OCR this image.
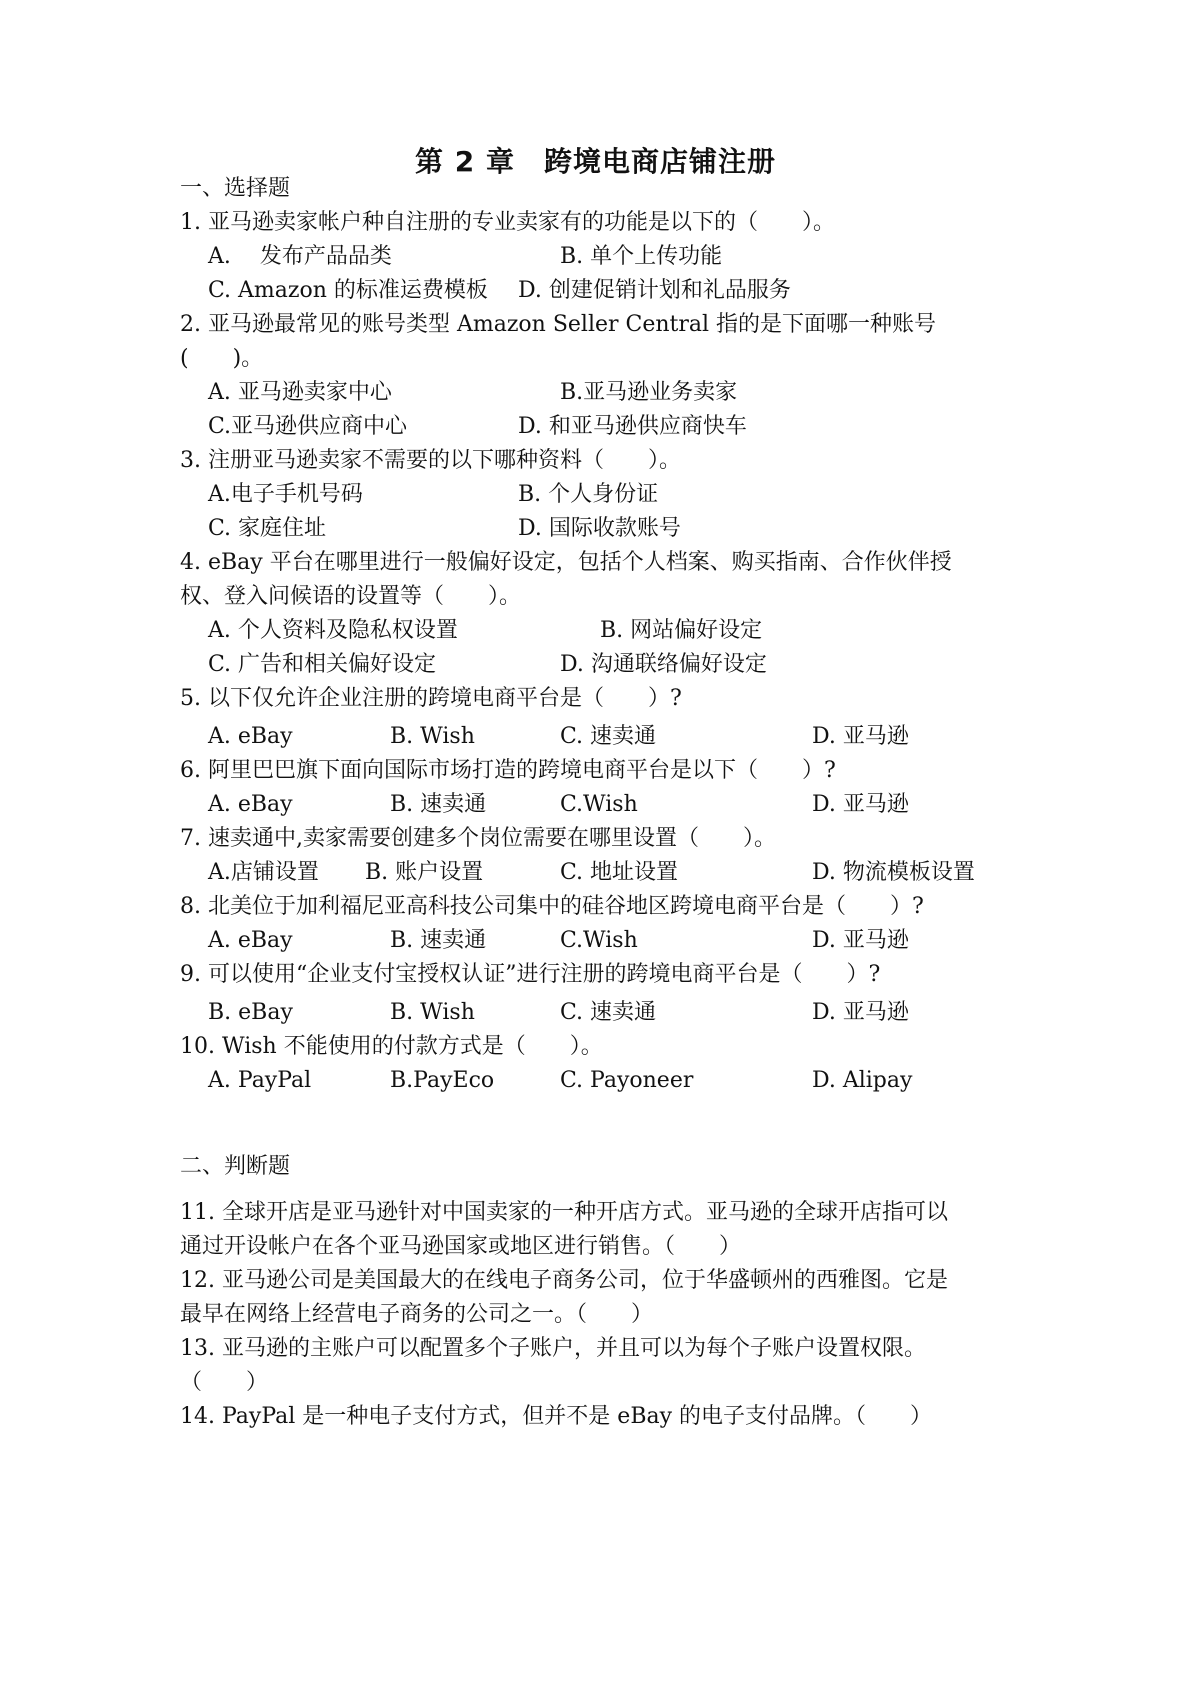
第 2 章　跨境电商店铺注册
一、选择题
1. 亚马逊卖家帐户种自注册的专业卖家有的功能是以下的（　　）。
A.　 发布产品品类	B. 单个上传功能
C. Amazon 的标准运费模板 D. 创建促销计划和礼品服务
2. 亚马逊最常见的账号类型 Amazon Seller Central 指的是下面哪一种账号
(　　)。
A. 亚马逊卖家中心	B.亚马逊业务卖家
C.亚马逊供应商中心	D. 和亚马逊供应商快车
3. 注册亚马逊卖家不需要的以下哪种资料（　　）。
A.电子手机号码	B. 个人身份证
C. 家庭住址	D. 国际收款账号
4. eBay 平台在哪里进行一般偏好设定，包括个人档案、购买指南、合作伙伴授
权、登入问候语的设置等（　　）。
A. 个人资料及隐私权设置	B. 网站偏好设定
C. 广告和相关偏好设定	D. 沟通联络偏好设定
5. 以下仅允许企业注册的跨境电商平台是（　　）?
A. eBay	B. Wish	C. 速卖通	D. 亚马逊
6. 阿里巴巴旗下面向国际市场打造的跨境电商平台是以下（　　）?
A. eBay	B. 速卖通	C.Wish	D. 亚马逊
7. 速卖通中,卖家需要创建多个岗位需要在哪里设置（　　）。
A.店铺设置 B. 账户设置	C. 地址设置	D. 物流模板设置
8. 北美位于加利福尼亚高科技公司集中的硅谷地区跨境电商平台是（　　）?
A. eBay	B. 速卖通	C.Wish	D. 亚马逊
9. 可以使用“企业支付宝授权认证”进行注册的跨境电商平台是（　　）?
B. eBay	B. Wish	C. 速卖通	D. 亚马逊
10. Wish 不能使用的付款方式是（　　）。
A. PayPal	B.PayEco	C. Payoneer	D. Alipay
二、判断题
11. 全球开店是亚马逊针对中国卖家的一种开店方式。亚马逊的全球开店指可以
通过开设帐户在各个亚马逊国家或地区进行销售。（　　）
12. 亚马逊公司是美国最大的在线电子商务公司，位于华盛顿州的西雅图。它是
最早在网络上经营电子商务的公司之一。（　　）
13. 亚马逊的主账户可以配置多个子账户，并且可以为每个子账户设置权限。
（　　）
14. PayPal 是一种电子支付方式，但并不是 eBay 的电子支付品牌。（　　）
